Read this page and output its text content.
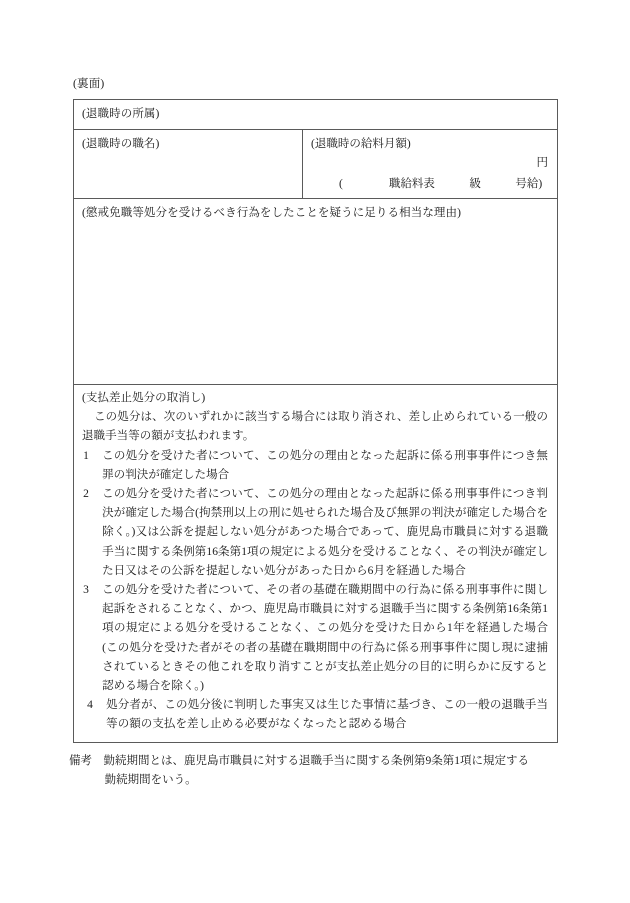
(裏面)
(退職時の所属)

(退職時の職名)	(退職時の給料月額)
円
(　　　　職給料表　　　級　　　号給)

(懲戒免職等処分を受けるべき行為をしたことを疑うに足りる相当な理由)

(支払差止処分の取消し)

この処分は、次のいずれかに該当する場合には取り消され、差し止められている一般の退職手当等の額が支払われます。

1 この処分を受けた者について、この処分の理由となった起訴に係る刑事事件につき無罪の判決が確定した場合
2 この処分を受けた者について、この処分の理由となった起訴に係る刑事事件につき判決が確定した場合(拘禁刑以上の刑に処せられた場合及び無罪の判決が確定した場合を除く。)又は公訴を提起しない処分があつた場合であって、鹿児島市職員に対する退職手当に関する条例第16条第1項の規定による処分を受けることなく、その判決が確定した日又はその公訴を提起しない処分があった日から6月を経過した場合
3 この処分を受けた者について、その者の基礎在職期間中の行為に係る刑事事件に関し起訴をされることなく、かつ、鹿児島市職員に対する退職手当に関する条例第16条第1項の規定による処分を受けることなく、この処分を受けた日から1年を経過した場合(この処分を受けた者がその者の基礎在職期間中の行為に係る刑事事件に関し現に逮捕されているときその他これを取り消すことが支払差止処分の目的に明らかに反すると認める場合を除く。)
4 処分者が、この処分後に判明した事実又は生じた事情に基づき、この一般の退職手当等の額の支払を差し止める必要がなくなったと認める場合
備考　勤続期間とは、鹿児島市職員に対する退職手当に関する条例第9条第1項に規定する
勤続期間をいう。
